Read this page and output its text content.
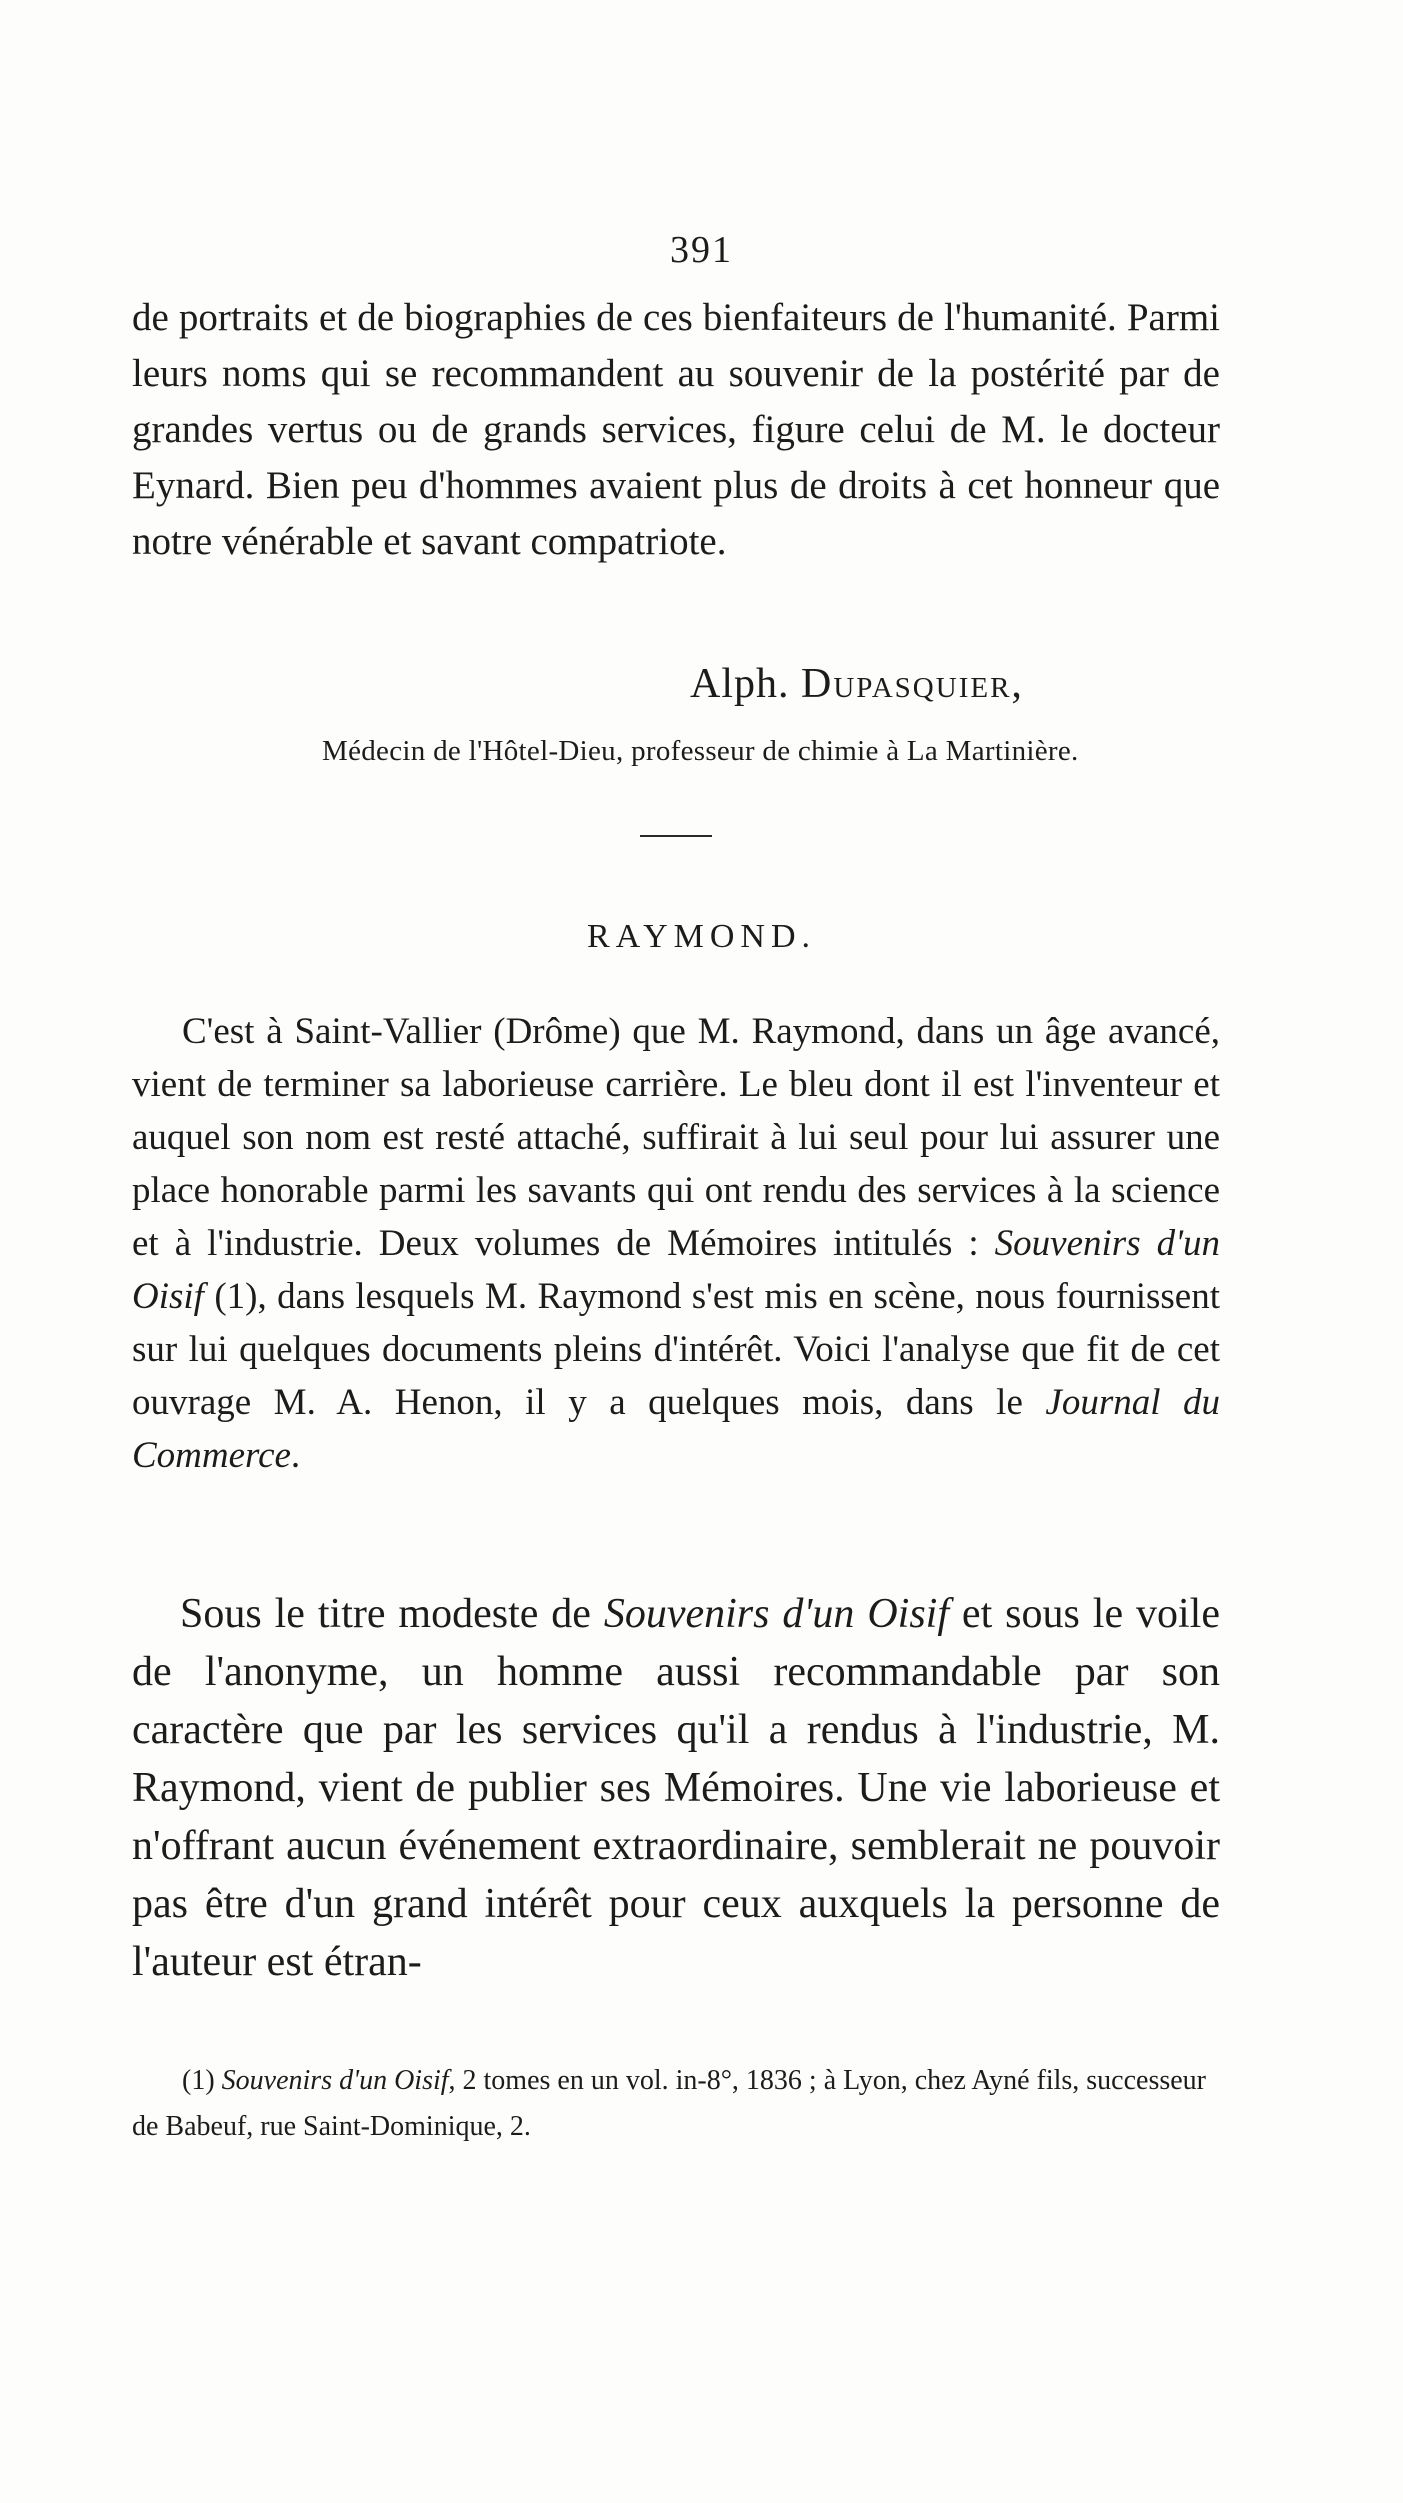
391

de portraits et de biographies de ces bienfaiteurs de l'humanité. Parmi leurs noms qui se recommandent au souvenir de la postérité par de grandes vertus ou de grands services, figure celui de M. le docteur Eynard. Bien peu d'hommes avaient plus de droits à cet honneur que notre vénérable et savant compatriote.

Alph. Dupasquier,
Médecin de l'Hôtel-Dieu, professeur de chimie à La Martinière.
RAYMOND.

C'est à Saint-Vallier (Drôme) que M. Raymond, dans un âge avancé, vient de terminer sa laborieuse carrière. Le bleu dont il est l'inventeur et auquel son nom est resté attaché, suffirait à lui seul pour lui assurer une place honorable parmi les savants qui ont rendu des services à la science et à l'industrie. Deux volumes de Mémoires intitulés : Souvenirs d'un Oisif (1), dans lesquels M. Raymond s'est mis en scène, nous fournissent sur lui quelques documents pleins d'intérêt. Voici l'analyse que fit de cet ouvrage M. A. Henon, il y a quelques mois, dans le Journal du Commerce.

Sous le titre modeste de Souvenirs d'un Oisif et sous le voile de l'anonyme, un homme aussi recommandable par son caractère que par les services qu'il a rendus à l'industrie, M. Raymond, vient de publier ses Mémoires. Une vie laborieuse et n'offrant aucun événement extraordinaire, semblerait ne pouvoir pas être d'un grand intérêt pour ceux auxquels la personne de l'auteur est étran-

(1) Souvenirs d'un Oisif, 2 tomes en un vol. in-8°, 1836 ; à Lyon, chez Ayné fils, successeur de Babeuf, rue Saint-Dominique, 2.
